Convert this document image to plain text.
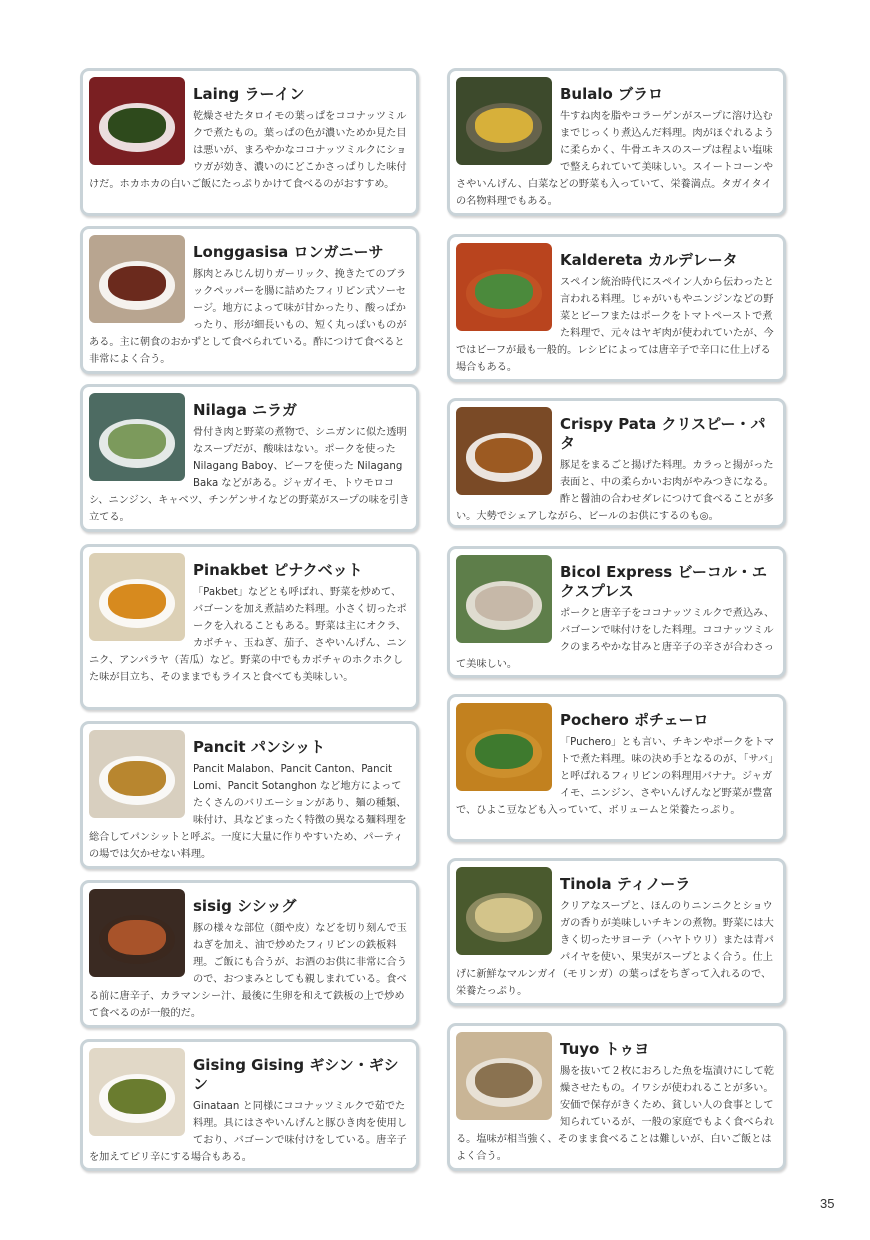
Laing ラーイン

乾燥させたタロイモの葉っぱをココナッツミルクで煮たもの。葉っぱの色が濃いためか見た目は悪いが、まろやかなココナッツミルクにショウガが効き、濃いのにどこかさっぱりした味付けだ。ホカホカの白いご飯にたっぷりかけて食べるのがおすすめ。

Longgasisa ロンガニーサ

豚肉とみじん切りガーリック、挽きたてのブラックペッパーを腸に詰めたフィリピン式ソーセージ。地方によって味が甘かったり、酸っぱかったり、形が細長いもの、短く丸っぽいものがある。主に朝食のおかずとして食べられている。酢につけて食べると非常によく合う。

Nilaga ニラガ

骨付き肉と野菜の煮物で、シニガンに似た透明なスープだが、酸味はない。ポークを使った Nilagang Baboy、ビーフを使った Nilagang Baka などがある。ジャガイモ、トウモロコシ、ニンジン、キャベツ、チンゲンサイなどの野菜がスープの味を引き立てる。

Pinakbet ピナクベット

「Pakbet」などとも呼ばれ、野菜を炒めて、バゴーンを加え煮詰めた料理。小さく切ったポークを入れることもある。野菜は主にオクラ、カボチャ、玉ねぎ、茄子、さやいんげん、ニンニク、アンパラヤ（苦瓜）など。野菜の中でもカボチャのホクホクした味が目立ち、そのままでもライスと食べても美味しい。

Pancit パンシット

Pancit Malabon、Pancit Canton、Pancit Lomi、Pancit Sotanghon など地方によってたくさんのバリエーションがあり、麺の種類、味付け、具などまったく特徴の異なる麺料理を総合してパンシットと呼ぶ。一度に大量に作りやすいため、パーティの場では欠かせない料理。

sisig シシッグ

豚の様々な部位（顔や皮）などを切り刻んで玉ねぎを加え、油で炒めたフィリピンの鉄板料理。ご飯にも合うが、お酒のお供に非常に合うので、おつまみとしても親しまれている。食べる前に唐辛子、カラマンシー汁、最後に生卵を和えて鉄板の上で炒めて食べるのが一般的だ。

Gising Gising ギシン・ギシン

Ginataan と同様にココナッツミルクで茹でた料理。具にはさやいんげんと豚ひき肉を使用しており、バゴーンで味付けをしている。唐辛子を加えてピリ辛にする場合もある。

Bulalo ブラロ

牛すね肉を脂やコラーゲンがスープに溶け込むまでじっくり煮込んだ料理。肉がほぐれるように柔らかく、牛骨エキスのスープは程よい塩味で整えられていて美味しい。スイートコーンやさやいんげん、白菜などの野菜も入っていて、栄養満点。タガイタイの名物料理でもある。

Kaldereta カルデレータ

スペイン統治時代にスペイン人から伝わったと言われる料理。じゃがいもやニンジンなどの野菜とビーフまたはポークをトマトペーストで煮た料理で、元々はヤギ肉が使われていたが、今ではビーフが最も一般的。レシピによっては唐辛子で辛口に仕上げる場合もある。

Crispy Pata クリスピー・パタ

豚足をまるごと揚げた料理。カラっと揚がった表面と、中の柔らかいお肉がやみつきになる。酢と醤油の合わせダレにつけて食べることが多い。大勢でシェアしながら、ビールのお供にするのも◎。

Bicol Express ビーコル・エクスプレス

ポークと唐辛子をココナッツミルクで煮込み、バゴーンで味付けをした料理。ココナッツミルクのまろやかな甘みと唐辛子の辛さが合わさって美味しい。

Pochero ポチェーロ

「Puchero」とも言い、チキンやポークをトマトで煮た料理。味の決め手となるのが、「サバ」と呼ばれるフィリピンの料理用バナナ。ジャガイモ、ニンジン、さやいんげんなど野菜が豊富で、ひよこ豆なども入っていて、ボリュームと栄養たっぷり。

Tinola ティノーラ

クリアなスープと、ほんのりニンニクとショウガの香りが美味しいチキンの煮物。野菜には大きく切ったサヨーテ（ハヤトウリ）または青パパイヤを使い、果実がスープとよく合う。仕上げに新鮮なマルンガイ（モリンガ）の葉っぱをちぎって入れるので、栄養たっぷり。

Tuyo トゥヨ

腸を抜いて２枚におろした魚を塩漬けにして乾燥させたもの。イワシが使われることが多い。安価で保存がきくため、貧しい人の食事として知られているが、一般の家庭でもよく食べられる。塩味が相当強く、そのまま食べることは難しいが、白いご飯とはよく合う。

35
